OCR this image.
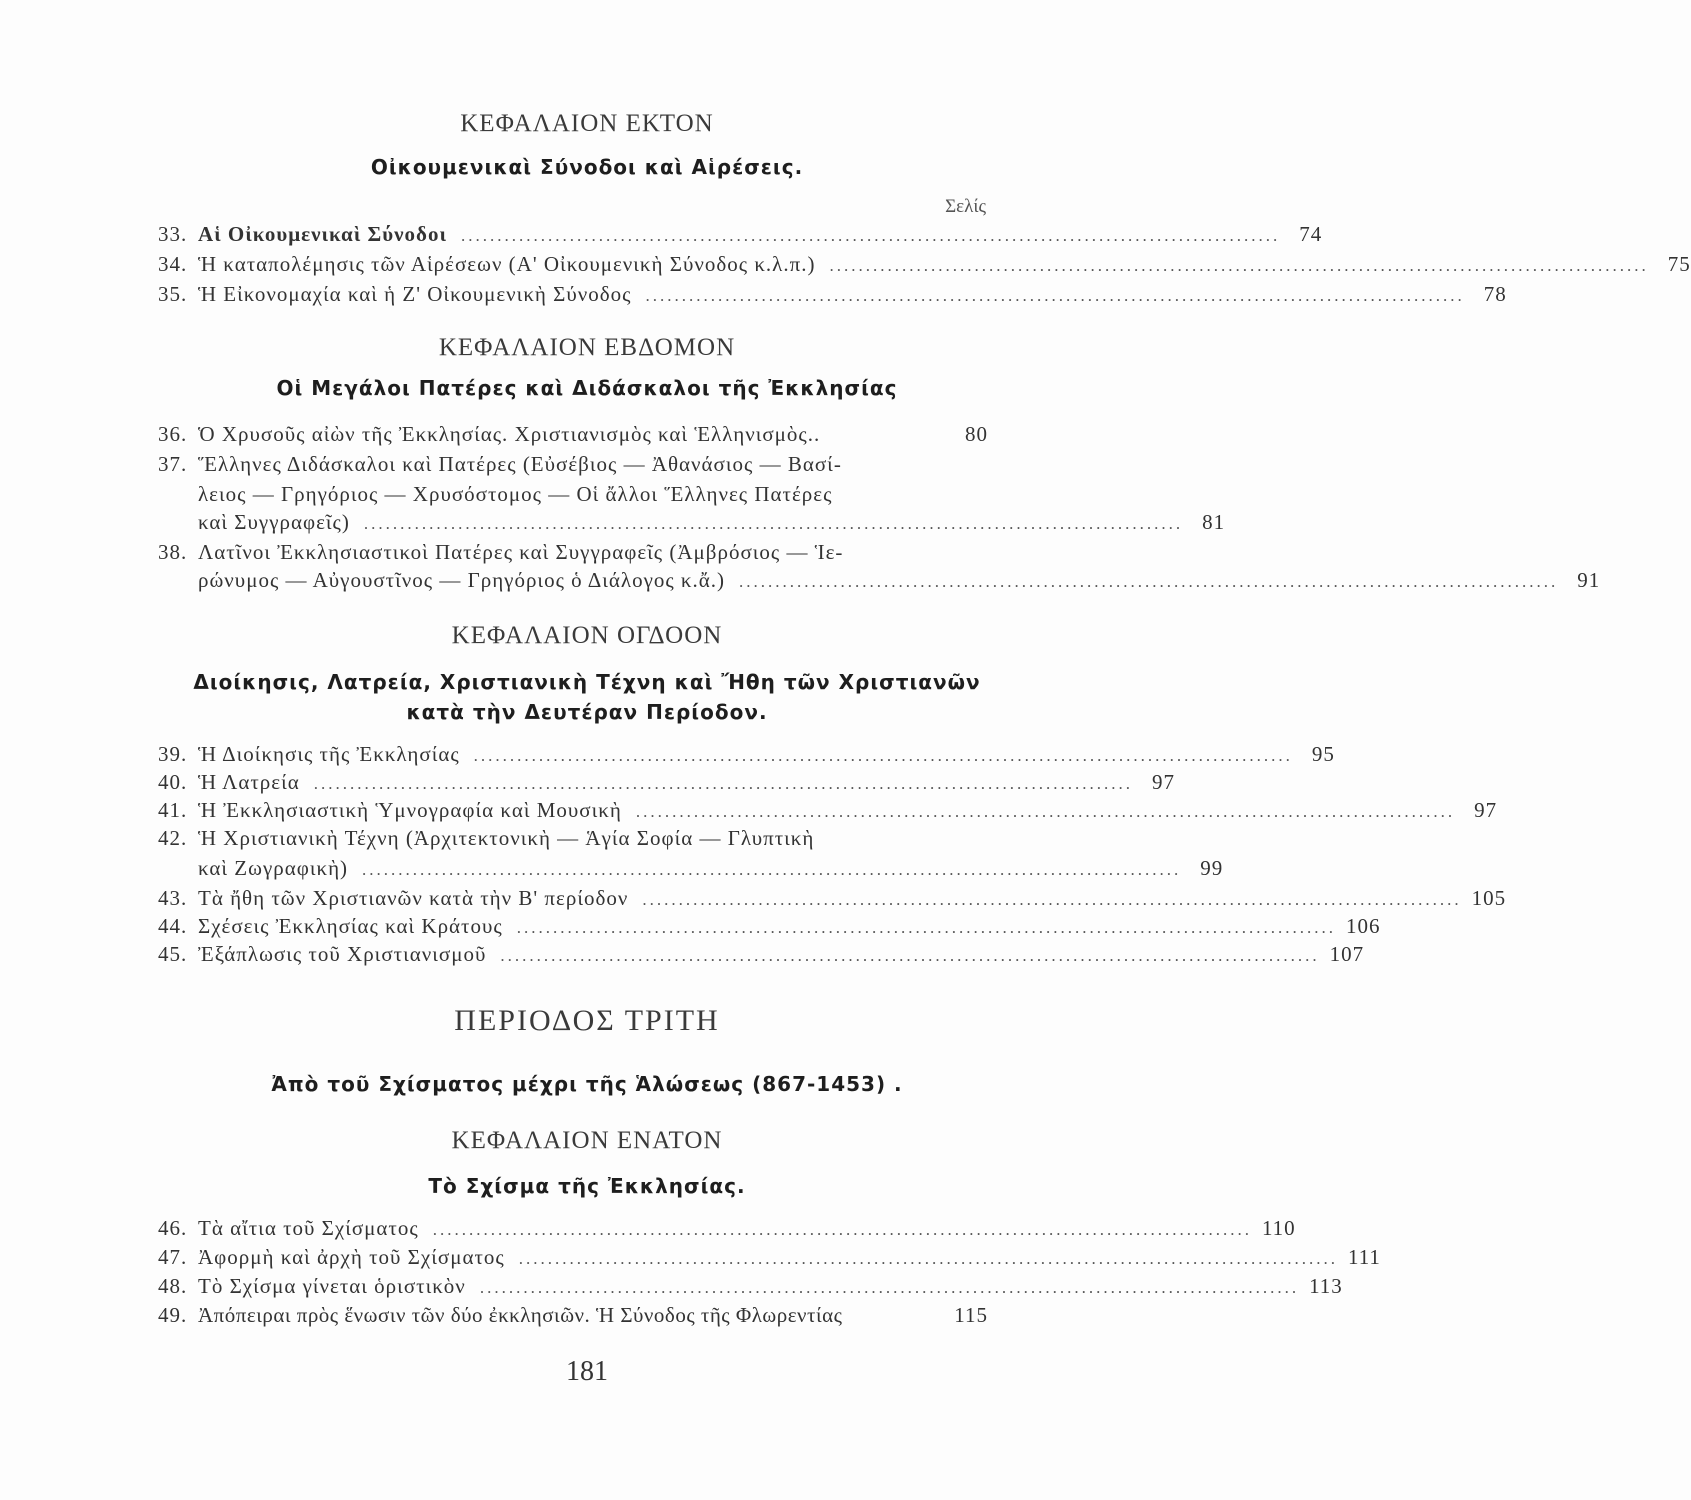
ΚΕΦΑΛΑΙΟΝ ΕΚΤΟΝ
Οἰκουμενικαὶ Σύνοδοι καὶ Αἱρέσεις.
Σελίς
33. Αἱ Οἰκουμενικαὶ Σύνοδοι ................................................................................................................. 74
34. Ἡ καταπολέμησις τῶν Αἱρέσεων (Α' Οἰκουμενικὴ Σύνοδος κ.λ.π.) ................................................................................................................. 75
35. Ἡ Εἰκονομαχία καὶ ἡ Ζ' Οἰκουμενικὴ Σύνοδος ................................................................................................................. 78
ΚΕΦΑΛΑΙΟΝ ΕΒΔΟΜΟΝ
Οἱ Μεγάλοι Πατέρες καὶ Διδάσκαλοι τῆς Ἐκκλησίας
36. Ὁ Χρυσοῦς αἰὼν τῆς Ἐκκλησίας. Χριστιανισμὸς καὶ Ἑλληνισμὸς..	80
37. Ἕλληνες Διδάσκαλοι καὶ Πατέρες (Εὐσέβιος — Ἀθανάσιος — Βασί-
λειος — Γρηγόριος — Χρυσόστομος — Οἱ ἄλλοι Ἕλληνες Πατέρες
καὶ Συγγραφεῖς) ................................................................................................................. 81
38. Λατῖνοι Ἐκκλησιαστικοὶ Πατέρες καὶ Συγγραφεῖς (Ἀμβρόσιος — Ἱε-
ρώνυμος — Αὐγουστῖνος — Γρηγόριος ὁ Διάλογος κ.ἄ.) ................................................................................................................. 91
ΚΕΦΑΛΑΙΟΝ ΟΓΔΟΟΝ
Διοίκησις, Λατρεία, Χριστιανικὴ Τέχνη καὶ Ἤθη τῶν Χριστιανῶν
κατὰ τὴν Δευτέραν Περίοδον.
39. Ἡ Διοίκησις τῆς Ἐκκλησίας ................................................................................................................. 95
40. Ἡ Λατρεία ................................................................................................................. 97
41. Ἡ Ἐκκλησιαστικὴ Ὑμνογραφία καὶ Μουσικὴ ................................................................................................................. 97
42. Ἡ Χριστιανικὴ Τέχνη (Ἀρχιτεκτονικὴ — Ἁγία Σοφία — Γλυπτικὴ
καὶ Ζωγραφικὴ) ................................................................................................................. 99
43. Τὰ ἤθη τῶν Χριστιανῶν κατὰ τὴν Β' περίοδον ................................................................................................................. 105
44. Σχέσεις Ἐκκλησίας καὶ Κράτους ................................................................................................................. 106
45. Ἐξάπλωσις τοῦ Χριστιανισμοῦ ................................................................................................................. 107
ΠΕΡΙΟΔΟΣ ΤΡΙΤΗ
Ἀπὸ τοῦ Σχίσματος μέχρι τῆς Ἁλώσεως (867-1453) .
ΚΕΦΑΛΑΙΟΝ ΕΝΑΤΟΝ
Τὸ Σχίσμα τῆς Ἐκκλησίας.
46. Τὰ αἴτια τοῦ Σχίσματος ................................................................................................................. 110
47. Ἀφορμὴ καὶ ἀρχὴ τοῦ Σχίσματος ................................................................................................................. 111
48. Τὸ Σχίσμα γίνεται ὁριστικὸν ................................................................................................................. 113
49. Ἀπόπειραι πρὸς ἕνωσιν τῶν δύο ἐκκλησιῶν. Ἡ Σύνοδος τῆς Φλωρεντίας	115
181
